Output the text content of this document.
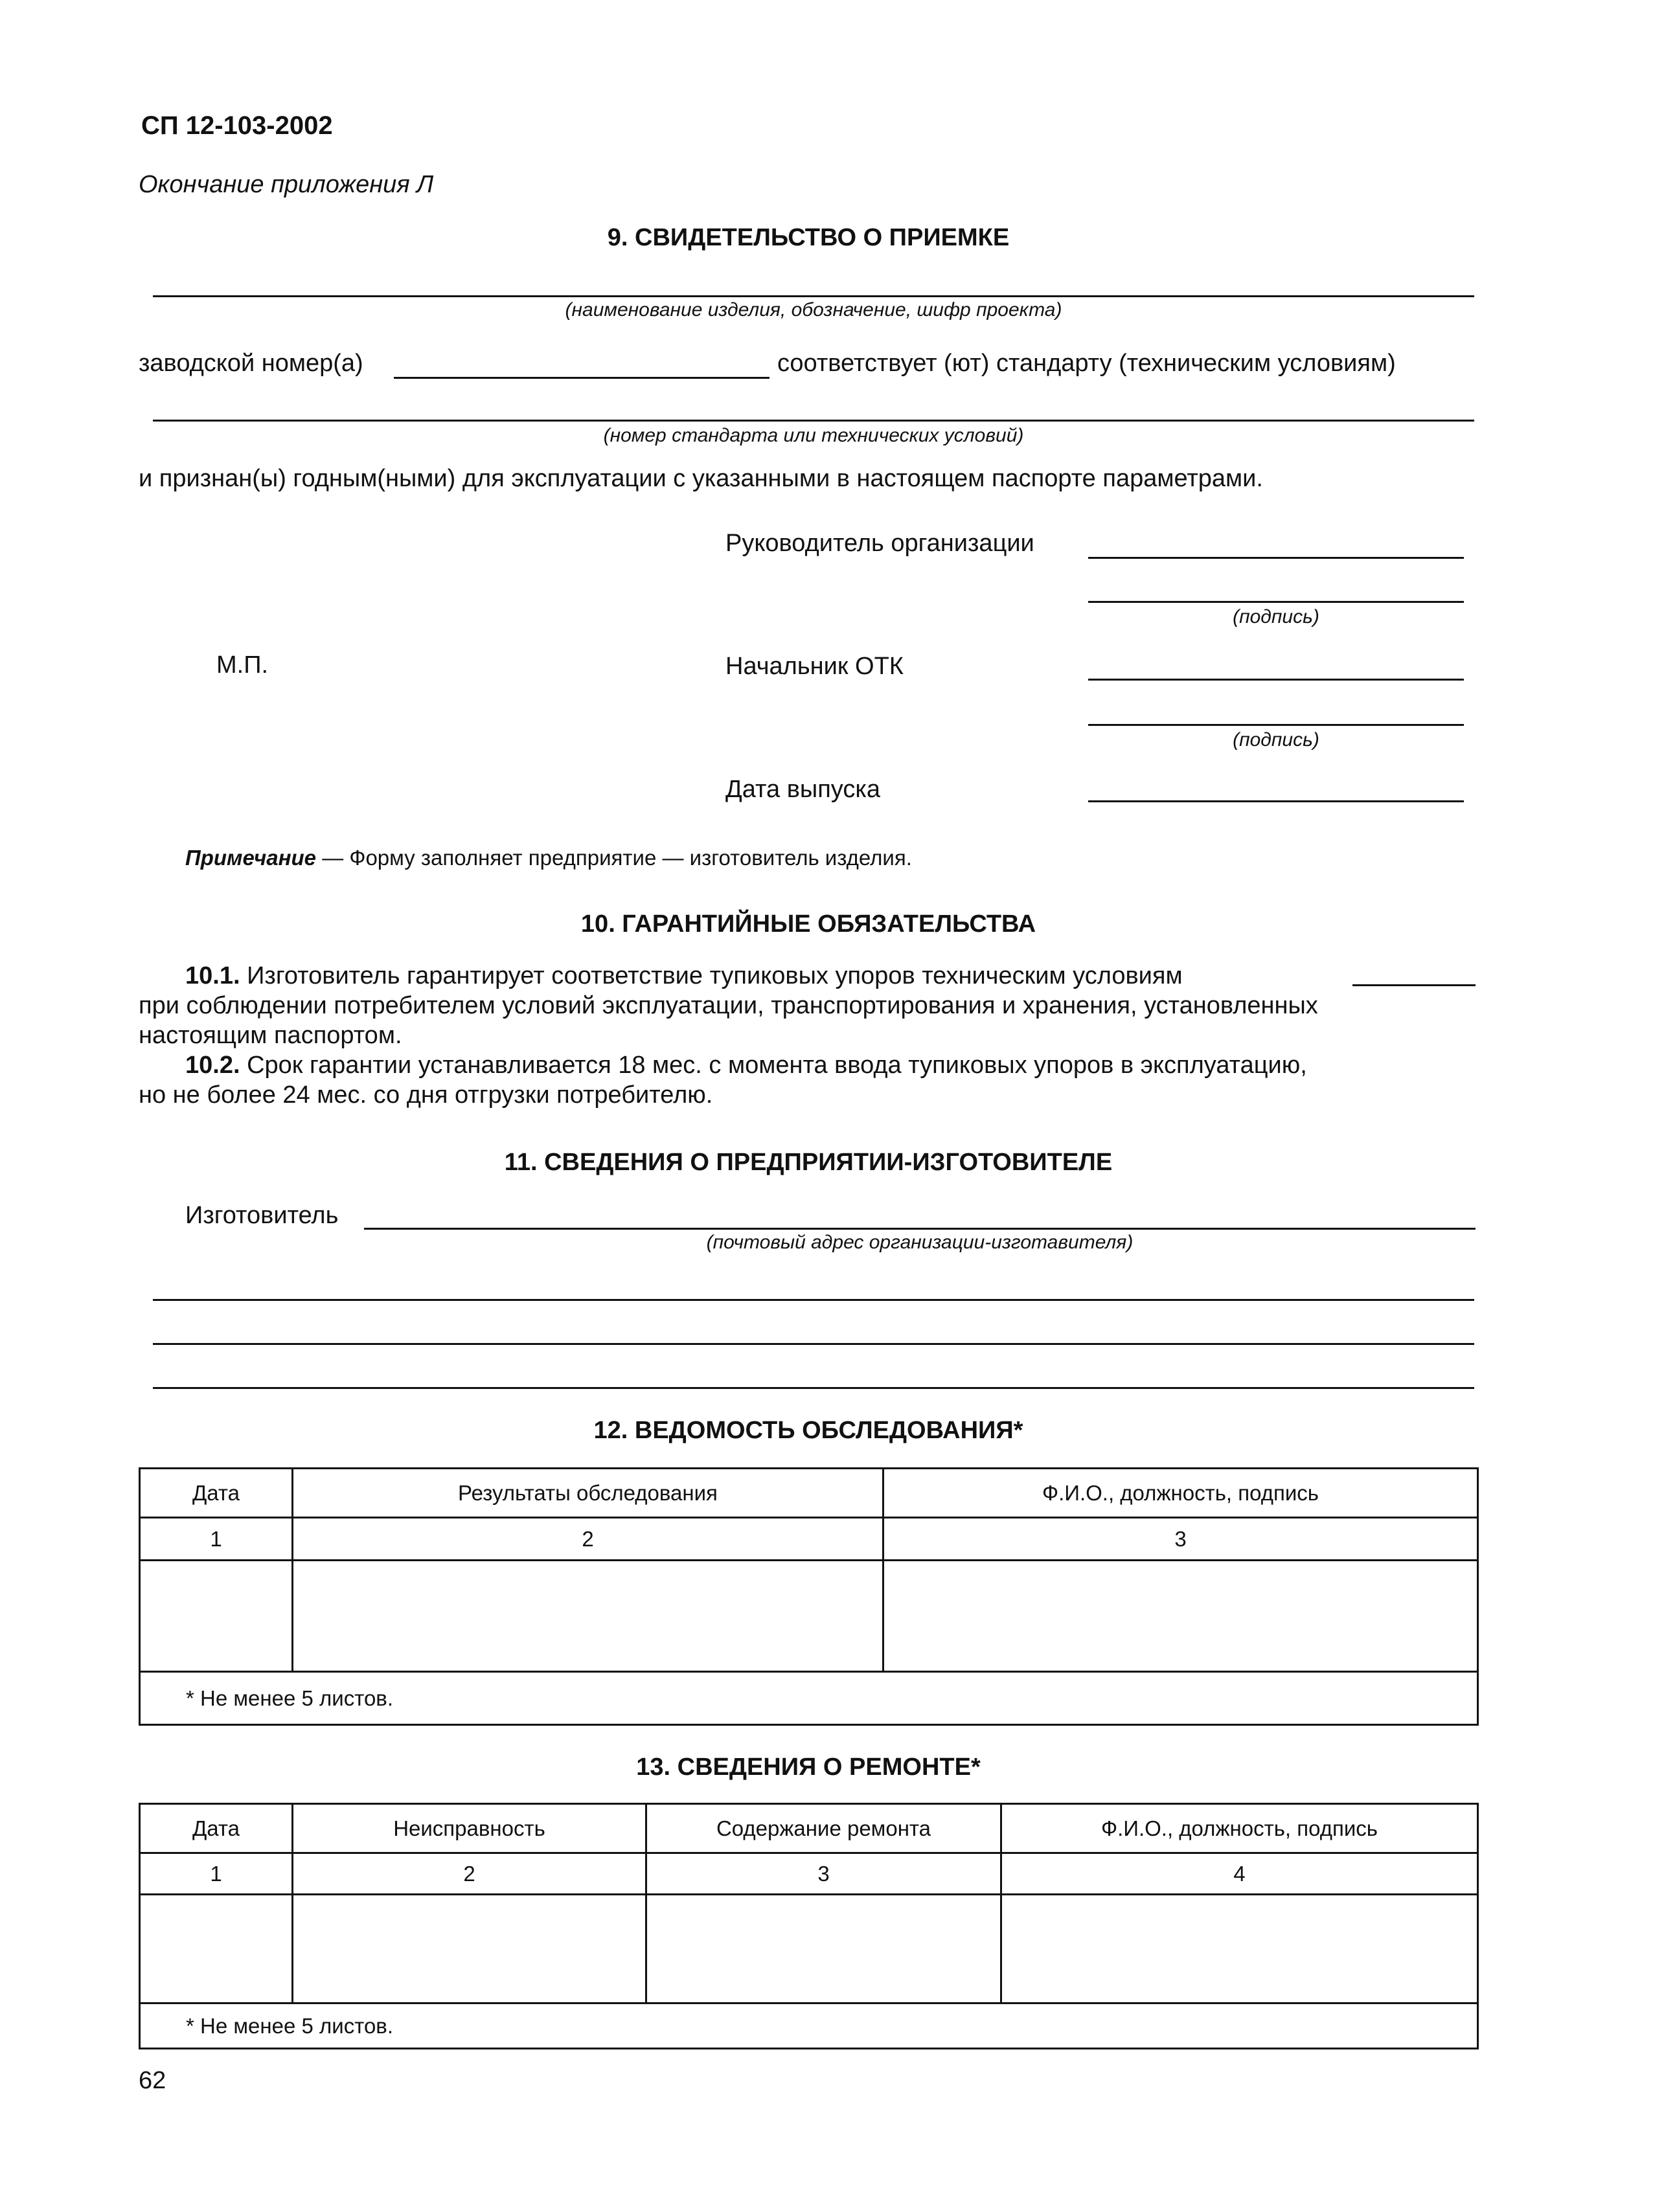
СП 12-103-2002
Окончание приложения Л
9. СВИДЕТЕЛЬСТВО О ПРИЕМКЕ
(наименование изделия, обозначение, шифр проекта)
заводской номер(а)	соответствует (ют) стандарту (техническим условиям)
(номер стандарта или технических условий)
и признан(ы) годным(ными) для эксплуатации с указанными в настоящем паспорте параметрами.
Руководитель организации
(подпись)
М.П.	Начальник ОТК
(подпись)
Дата выпуска
Примечание — Форму заполняет предприятие — изготовитель изделия.
10. ГАРАНТИЙНЫЕ ОБЯЗАТЕЛЬСТВА
10.1. Изготовитель гарантирует соответствие тупиковых упоров техническим условиям
при соблюдении потребителем условий эксплуатации, транспортирования и хранения, установленных
настоящим паспортом.
10.2. Срок гарантии устанавливается 18 мес. с момента ввода тупиковых упоров в эксплуатацию,
но не более 24 мес. со дня отгрузки потребителю.
11. СВЕДЕНИЯ О ПРЕДПРИЯТИИ-ИЗГОТОВИТЕЛЕ
Изготовитель
(почтовый адрес организации-изготавителя)
12. ВЕДОМОСТЬ ОБСЛЕДОВАНИЯ*
Дата	Результаты обследования	Ф.И.О., должность, подпись
1	2	3

* Не менее 5 листов.		
13. СВЕДЕНИЯ О РЕМОНТЕ*
Дата	Неисправность	Содержание ремонта	Ф.И.О., должность, подпись
1	2	3	4

* Не менее 5 листов.			
62
